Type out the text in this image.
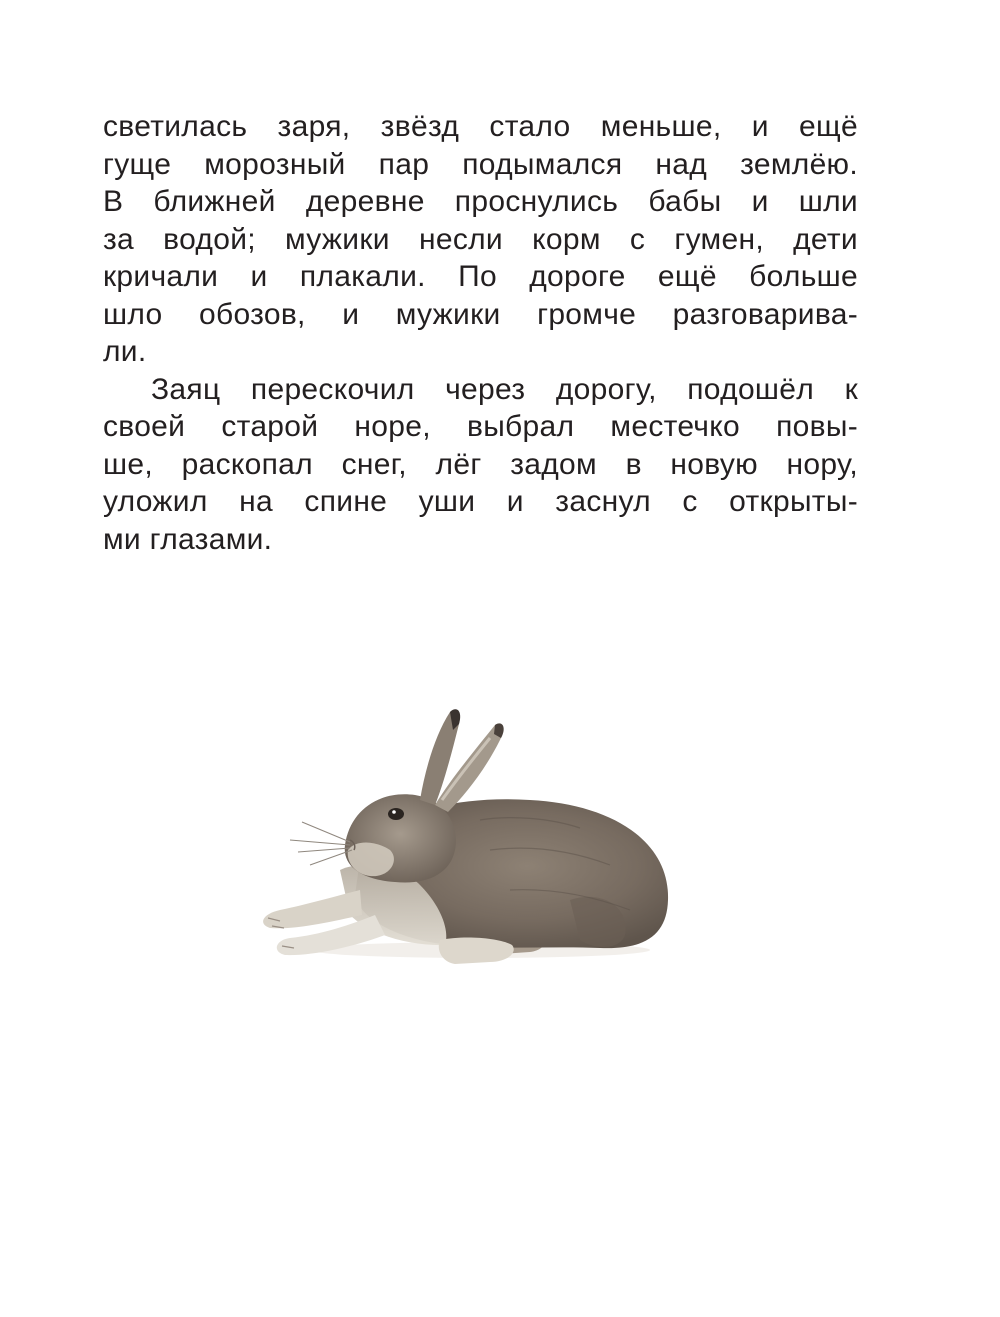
светилась заря, звёзд стало меньше, и ещё
гуще морозный пар подымался над землёю.
В ближней деревне проснулись бабы и шли
за водой; мужики несли корм с гумен, дети
кричали и плакали. По дороге ещё больше
шло обозов, и мужики громче разговарива-
ли.
Заяц перескочил через дорогу, подошёл к
своей старой норе, выбрал местечко повы-
ше, раскопал снег, лёг задом в новую нору,
уложил на спине уши и заснул с открыты-
ми глазами.
